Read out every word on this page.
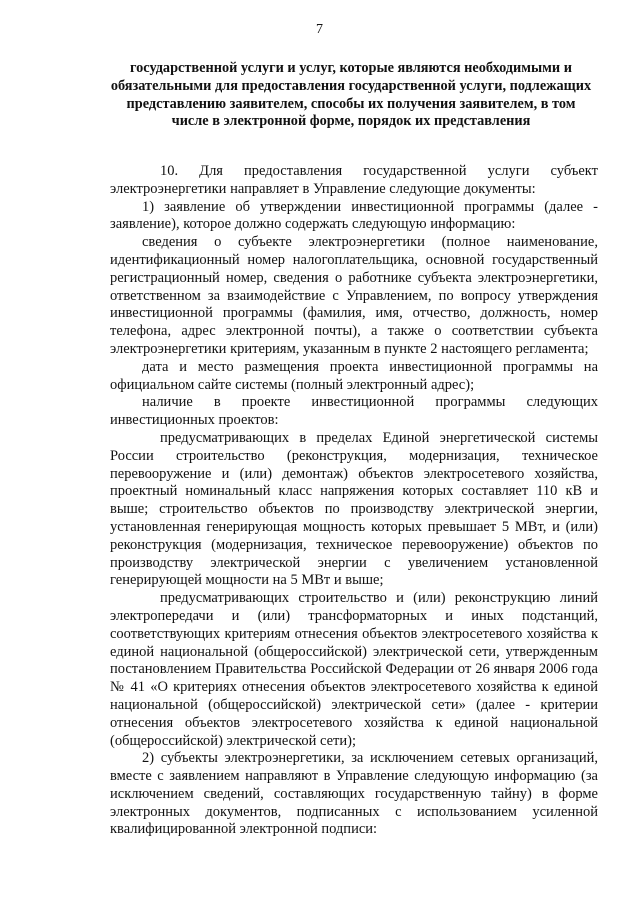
7
государственной услуги и услуг, которые являются необходимыми и обязательными для предоставления государственной услуги, подлежащих представлению заявителем, способы их получения заявителем, в том числе в электронной форме, порядок их представления

10. Для предоставления государственной услуги субъект электроэнергетики направляет в Управление следующие документы:

1) заявление об утверждении инвестиционной программы (далее - заявление), которое должно содержать следующую информацию:

сведения о субъекте электроэнергетики (полное наименование, идентификационный номер налогоплательщика, основной государственный регистрационный номер, сведения о работнике субъекта электроэнергетики, ответственном за взаимодействие с Управлением, по вопросу утверждения инвестиционной программы (фамилия, имя, отчество, должность, номер телефона, адрес электронной почты), а также о соответствии субъекта электроэнергетики критериям, указанным в пункте 2 настоящего регламента;

дата и место размещения проекта инвестиционной программы на официальном сайте системы (полный электронный адрес);

наличие в проекте инвестиционной программы следующих инвестиционных проектов:

предусматривающих в пределах Единой энергетической системы России строительство (реконструкция, модернизация, техническое перевооружение и (или) демонтаж) объектов электросетевого хозяйства, проектный номинальный класс напряжения которых составляет 110 кВ и выше; строительство объектов по производству электрической энергии, установленная генерирующая мощность которых превышает 5 МВт, и (или) реконструкция (модернизация, техническое перевооружение) объектов по производству электрической энергии с увеличением установленной генерирующей мощности на 5 МВт и выше;

предусматривающих строительство и (или) реконструкцию линий электропередачи и (или) трансформаторных и иных подстанций, соответствующих критериям отнесения объектов электросетевого хозяйства к единой национальной (общероссийской) электрической сети, утвержденным постановлением Правительства Российской Федерации от 26 января 2006 года № 41 «О критериях отнесения объектов электросетевого хозяйства к единой национальной (общероссийской) электрической сети» (далее - критерии отнесения объектов электросетевого хозяйства к единой национальной (общероссийской) электрической сети);

2) субъекты электроэнергетики, за исключением сетевых организаций, вместе с заявлением направляют в Управление следующую информацию (за исключением сведений, составляющих государственную тайну) в форме электронных документов, подписанных с использованием усиленной квалифицированной электронной подписи:
